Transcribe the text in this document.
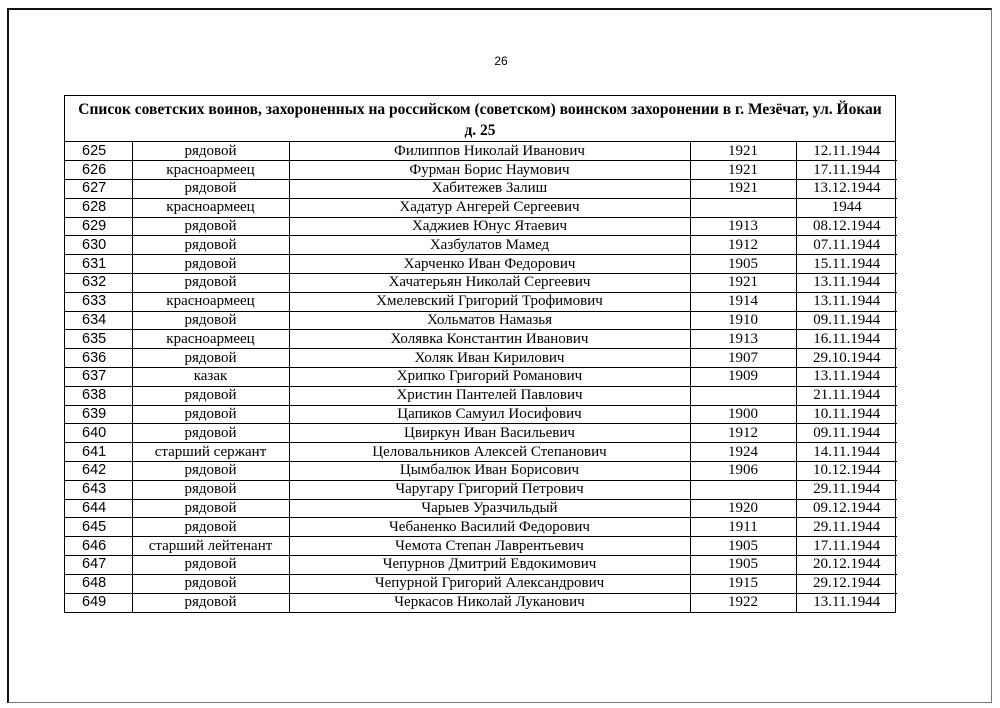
26
Список советских воинов, захороненных на российском (советском) воинском захоронении в г. Мезёчат, ул. Йокаи д. 25
625	рядовой	Филиппов Николай Иванович	1921	12.11.1944
626	красноармеец	Фурман Борис Наумович	1921	17.11.1944
627	рядовой	Хабитежев Залиш	1921	13.12.1944
628	красноармеец	Хадатур Ангерей Сергеевич		1944
629	рядовой	Хаджиев Юнус Ятаевич	1913	08.12.1944
630	рядовой	Хазбулатов Мамед	1912	07.11.1944
631	рядовой	Харченко Иван Федорович	1905	15.11.1944
632	рядовой	Хачатерьян Николай Сергеевич	1921	13.11.1944
633	красноармеец	Хмелевский Григорий Трофимович	1914	13.11.1944
634	рядовой	Хольматов Намазья	1910	09.11.1944
635	красноармеец	Холявка Константин Иванович	1913	16.11.1944
636	рядовой	Холяк Иван Кирилович	1907	29.10.1944
637	казак	Хрипко Григорий Романович	1909	13.11.1944
638	рядовой	Христин Пантелей Павлович		21.11.1944
639	рядовой	Цапиков Самуил Иосифович	1900	10.11.1944
640	рядовой	Цвиркун Иван Васильевич	1912	09.11.1944
641	старший сержант	Целовальников Алексей Степанович	1924	14.11.1944
642	рядовой	Цымбалюк Иван Борисович	1906	10.12.1944
643	рядовой	Чаругару Григорий Петрович		29.11.1944
644	рядовой	Чарыев Уразчильдый	1920	09.12.1944
645	рядовой	Чебаненко Василий Федорович	1911	29.11.1944
646	старший лейтенант	Чемота Степан Лаврентьевич	1905	17.11.1944
647	рядовой	Чепурнов Дмитрий Евдокимович	1905	20.12.1944
648	рядовой	Чепурной Григорий Александрович	1915	29.12.1944
649	рядовой	Черкасов Николай Луканович	1922	13.11.1944
